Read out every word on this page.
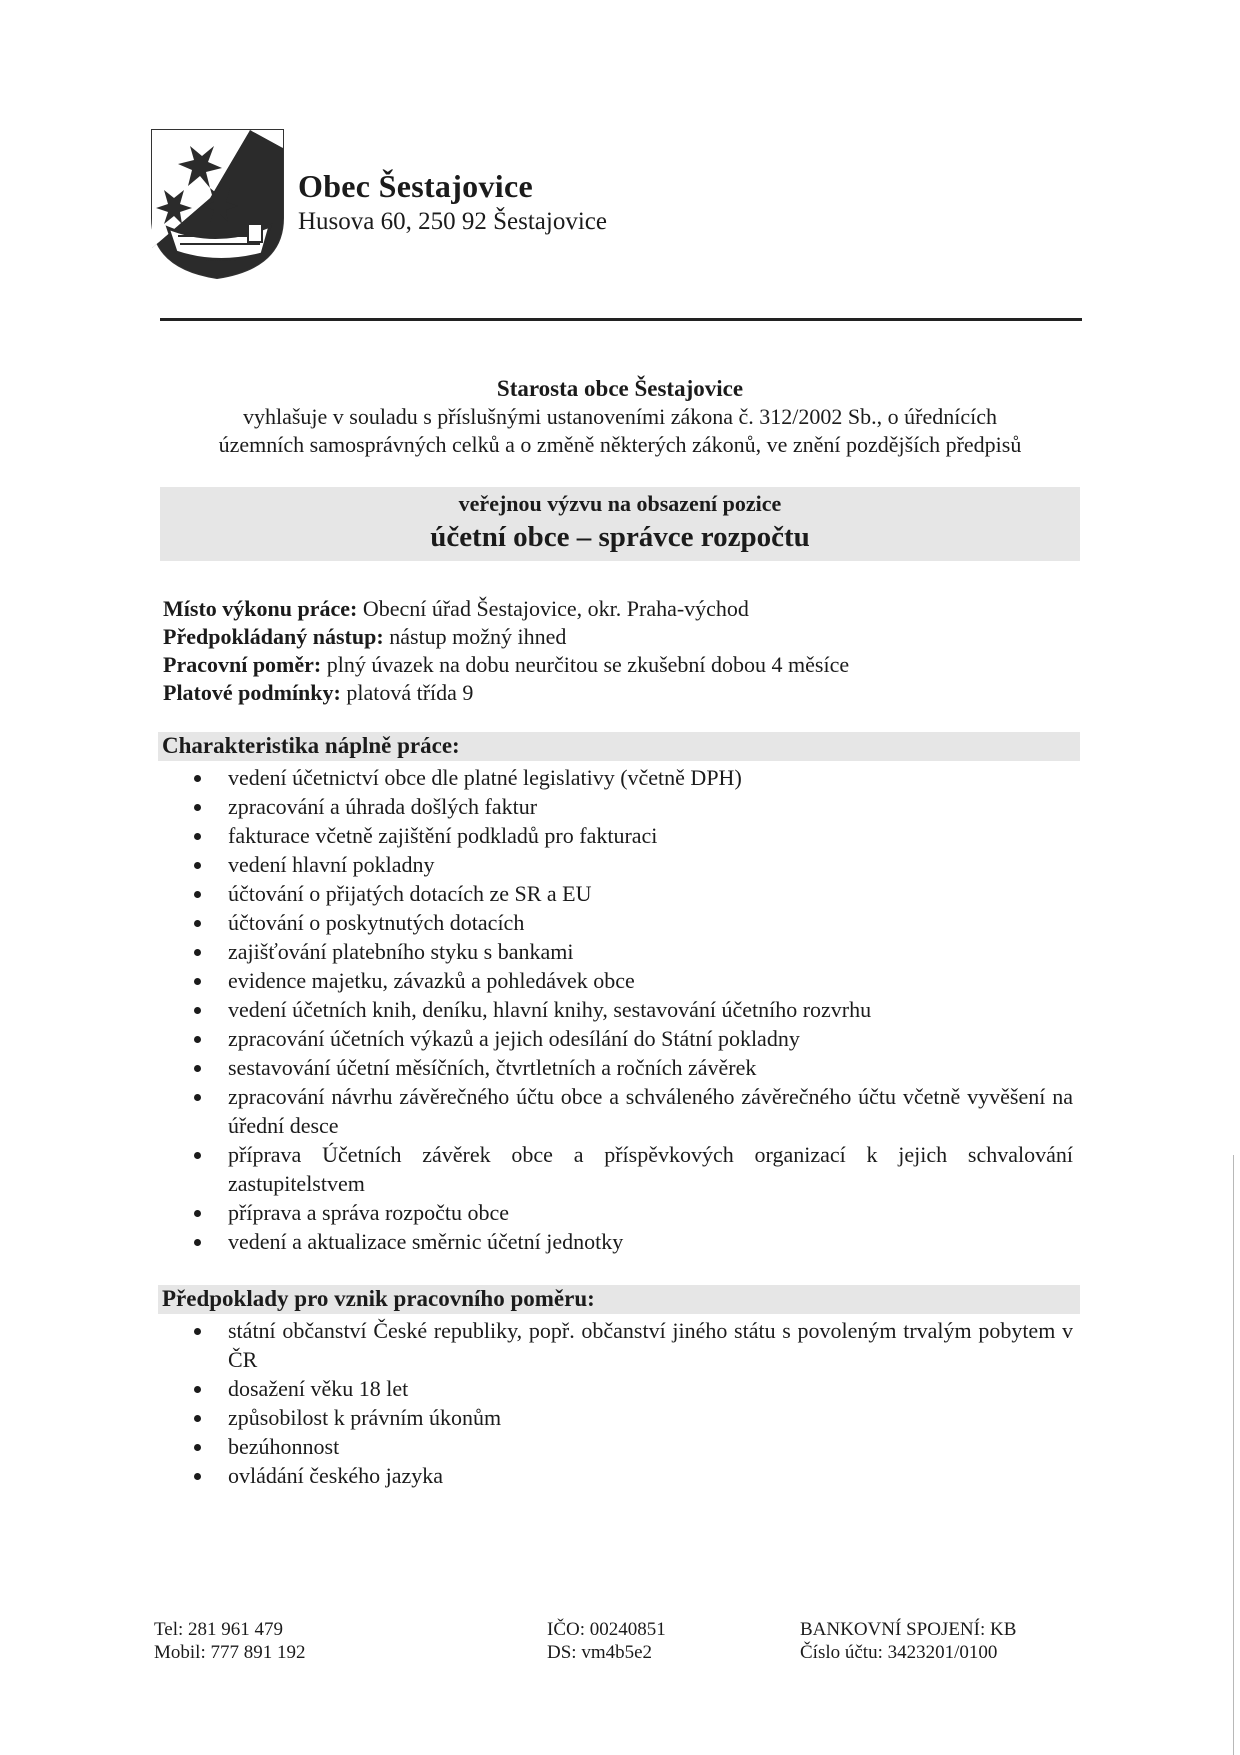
Obec Šestajovice
Husova 60, 250 92 Šestajovice
Starosta obce Šestajovice
vyhlašuje v souladu s příslušnými ustanoveními zákona č. 312/2002 Sb., o úřednících
územních samosprávných celků a o změně některých zákonů, ve znění pozdějších předpisů
veřejnou výzvu na obsazení pozice
účetní obce – správce rozpočtu
Místo výkonu práce: Obecní úřad Šestajovice, okr. Praha-východ
Předpokládaný nástup: nástup možný ihned
Pracovní poměr: plný úvazek na dobu neurčitou se zkušební dobou 4 měsíce
Platové podmínky: platová třída 9
Charakteristika náplně práce:
vedení účetnictví obce dle platné legislativy (včetně DPH)
zpracování a úhrada došlých faktur
fakturace včetně zajištění podkladů pro fakturaci
vedení hlavní pokladny
účtování o přijatých dotacích ze SR a EU
účtování o poskytnutých dotacích
zajišťování platebního styku s bankami
evidence majetku, závazků a pohledávek obce
vedení účetních knih, deníku, hlavní knihy, sestavování účetního rozvrhu
zpracování účetních výkazů a jejich odesílání do Státní pokladny
sestavování účetní měsíčních, čtvrtletních a ročních závěrek
zpracování návrhu závěrečného účtu obce a schváleného závěrečného účtu včetně vyvěšení na úřední desce
příprava Účetních závěrek obce a příspěvkových organizací k jejich schvalování zastupitelstvem
příprava a správa rozpočtu obce
vedení a aktualizace směrnic účetní jednotky
Předpoklady pro vznik pracovního poměru:
státní občanství České republiky, popř. občanství jiného státu s povoleným trvalým pobytem v ČR
dosažení věku 18 let
způsobilost k právním úkonům
bezúhonnost
ovládání českého jazyka
Tel: 281 961 479
Mobil: 777 891 192
IČO: 00240851
DS: vm4b5e2
BANKOVNÍ SPOJENÍ: KB
Číslo účtu: 3423201/0100
